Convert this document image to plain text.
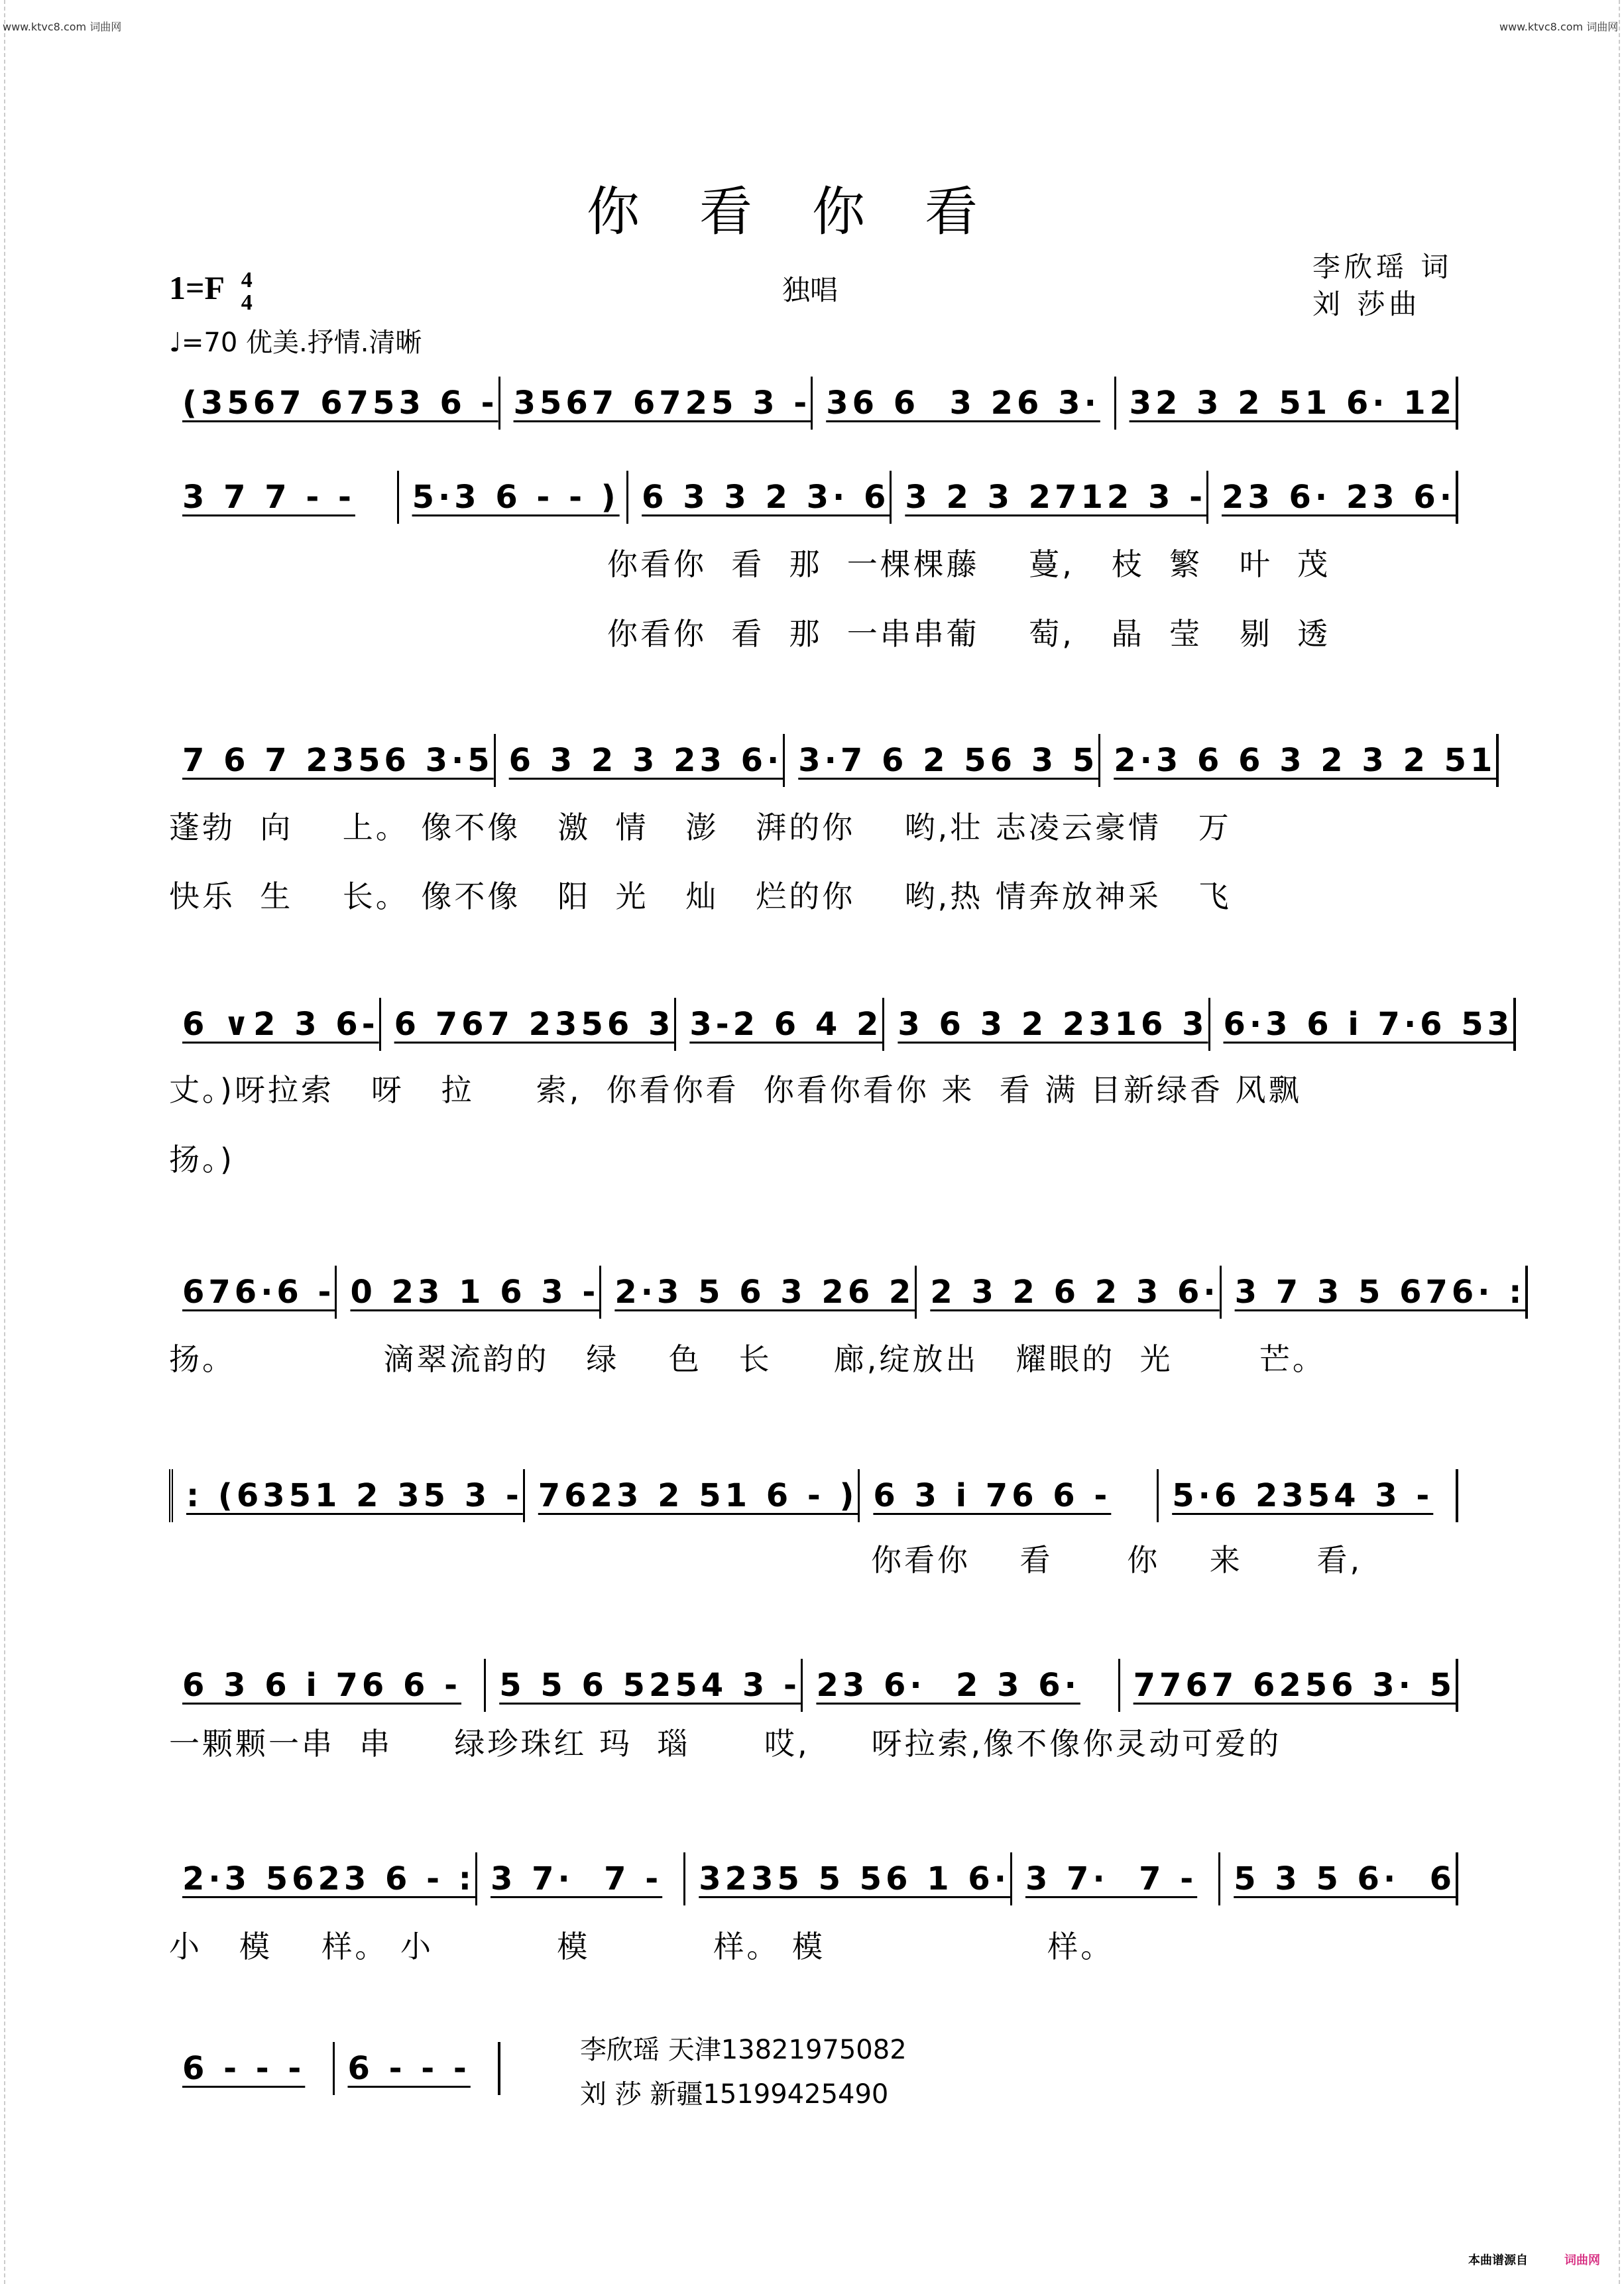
www.ktvc8.com 词曲网	www.ktvc8.com 词曲网
你看你看
1=F 4
4
♩=70 优美.抒情.清晰
独唱
李欣瑶 词
刘 莎曲
(3567 6753 6 - 3567 6725 3 - 36 6  3 26 3· 32 3 2 51 6· 12
3 7 7 - -	5·3 6 - - ) 6 3 3 2 3· 6 3 2 3 2712 3 - 23 6· 23 6·
你看你  看  那  一棵棵藤    蔓,   枝  繁   叶  茂
你看你  看  那  一串串葡    萄,   晶  莹   剔  透
7 6 7 2356 3·5 6 3 2 3 23 6· 3·7 6 2 56 3 5 2·3 6 6 3 2 3 2 51
蓬勃  向    上。 像不像   激  情   澎   湃的你    哟,壮 志凌云豪情   万
快乐  生    长。 像不像   阳  光   灿   烂的你    哟,热 情奔放神采   飞
6 ∨2 3 6- 6 767 2356 3 3-2 6 4 2 3 6 3 2 2316 3 6·3 6 i 7·6 53
丈。)呀拉索   呀   拉     索,  你看你看  你看你看你 来  看 满 目新绿香 风飘
扬。)
676·6 - 0 23 1 6 3 - 2·3 5 6 3 26 2 2 3 2 6 2 3 6· 3 7 3 5 676· :
扬。            滴翠流韵的   绿    色   长     廊,绽放出   耀眼的  光       芒。
: (6351 2 35 3 - 7623 2 51 6 - ) 6 3 i 76 6 -	5·6 2354 3 -
你看你    看      你    来      看,
6 3 6 i 76 6 -	5 5 6 5254 3 - 23 6·  2 3 6·	7767 6256 3· 5
一颗颗一串  串     绿珍珠红 玛  瑙      哎,     呀拉索,像不像你灵动可爱的
2·3 5623 6 - : 3 7·  7 -	3235 5 56 1 6· 3 7·  7 -	5 3 5 6·  6
小   模    样。 小          模          样。 模                  样。
6 - - -	6 - - -	李欣瑶 天津13821975082
刘 莎 新疆15199425490
本曲谱源自	词曲网
